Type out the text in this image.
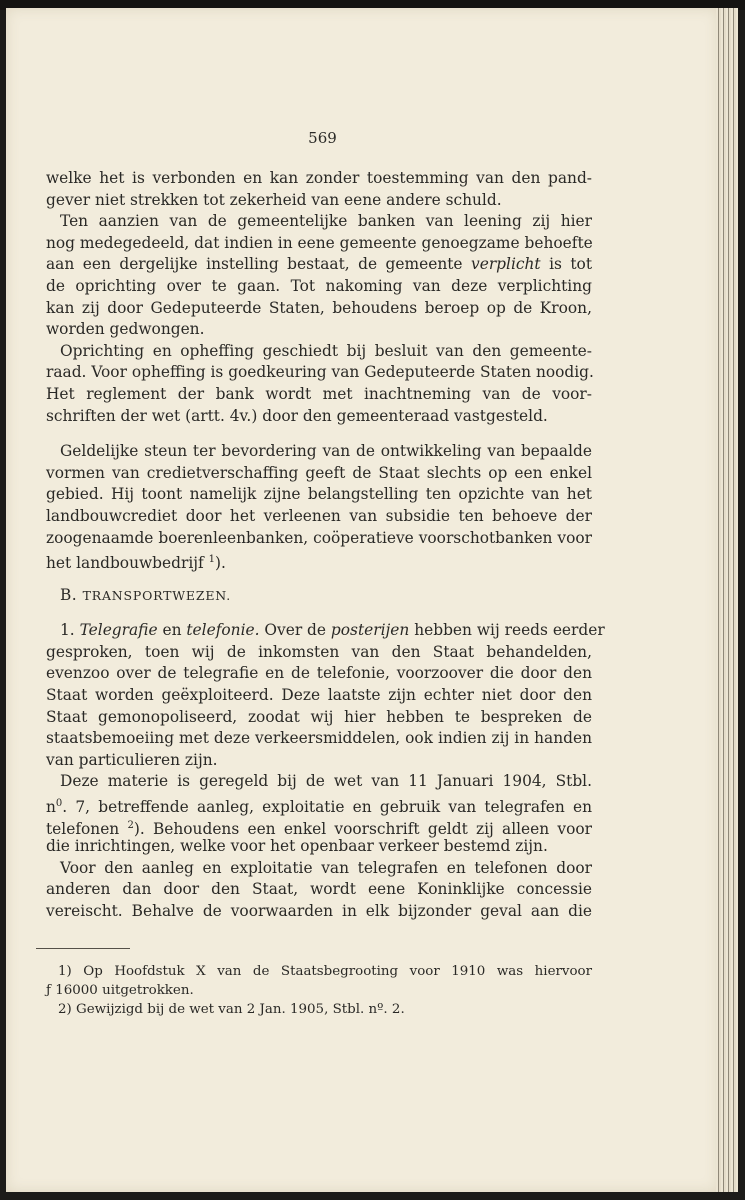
569
welke het is verbonden en kan zonder toestemming van den pand-
gever niet strekken tot zekerheid van eene andere schuld.
Ten aanzien van de gemeentelijke banken van leening zij hier
nog medegedeeld, dat indien in eene gemeente genoegzame behoefte
aan een dergelijke instelling bestaat, de gemeente verplicht is tot
de oprichting over te gaan. Tot nakoming van deze verplichting
kan zij door Gedeputeerde Staten, behoudens beroep op de Kroon,
worden gedwongen.
Oprichting en opheffing geschiedt bij besluit van den gemeente-
raad. Voor opheffing is goedkeuring van Gedeputeerde Staten noodig.
Het reglement der bank wordt met inachtneming van de voor-
schriften der wet (artt. 4v.) door den gemeenteraad vastgesteld.
Geldelijke steun ter bevordering van de ontwikkeling van bepaalde
vormen van credietverschaffing geeft de Staat slechts op een enkel
gebied. Hij toont namelijk zijne belangstelling ten opzichte van het
landbouwcrediet door het verleenen van subsidie ten behoeve der
zoogenaamde boerenleenbanken, coöperatieve voorschotbanken voor
het landbouwbedrijf $^1$).
B. TRANSPORTWEZEN.
1. Telegrafie en telefonie. Over de posterijen hebben wij reeds eerder
gesproken, toen wij de inkomsten van den Staat behandelden,
evenzoo over de telegrafie en de telefonie, voorzoover die door den
Staat worden geëxploiteerd. Deze laatste zijn echter niet door den
Staat gemonopoliseerd, zoodat wij hier hebben te bespreken de
staatsbemoeiing met deze verkeersmiddelen, ook indien zij in handen
van particulieren zijn.
Deze materie is geregeld bij de wet van 11 Januari 1904, Stbl.
$n^0$. 7, betreffende aanleg, exploitatie en gebruik van telegrafen en
telefonen $^2$). Behoudens een enkel voorschrift geldt zij alleen voor
die inrichtingen, welke voor het openbaar verkeer bestemd zijn.
Voor den aanleg en exploitatie van telegrafen en telefonen door
anderen dan door den Staat, wordt eene Koninklijke concessie
vereischt. Behalve de voorwaarden in elk bijzonder geval aan die
1) Op Hoofdstuk X van de Staatsbegrooting voor 1910 was hiervoor
ƒ 16000 uitgetrokken.
2) Gewijzigd bij de wet van 2 Jan. 1905, Stbl. nº. 2.
